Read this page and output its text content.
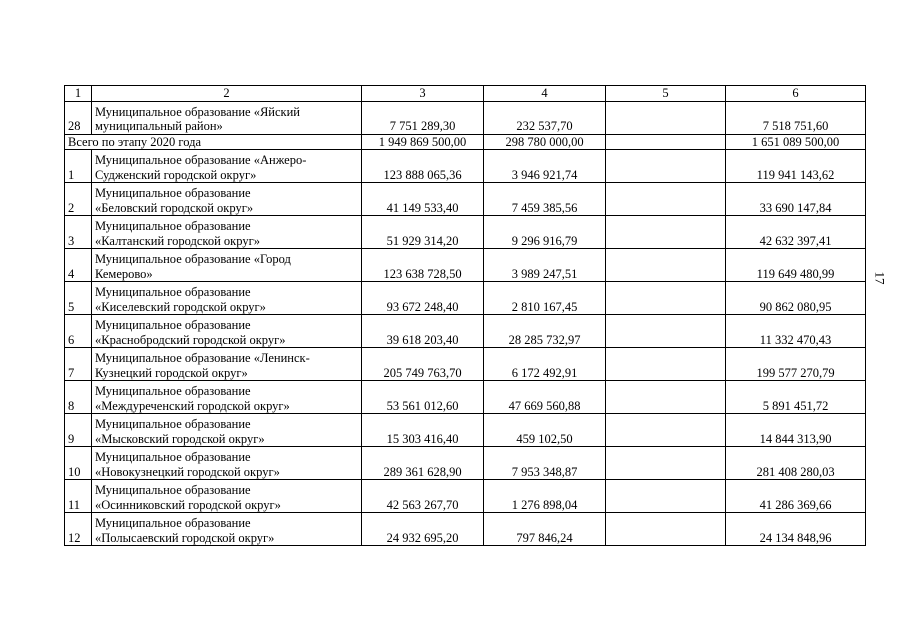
1	2	3	4	5	6
28	Муниципальное образование «Яйский
муниципальный район»	7 751 289,30	232 537,70		7 518 751,60
Всего по этапу 2020 года		1 949 869 500,00	298 780 000,00		1 651 089 500,00
1	Муниципальное образование «Анжеро-
Судженский городской округ»	123 888 065,36	3 946 921,74		119 941 143,62
2	Муниципальное образование
«Беловский городской округ»	41 149 533,40	7 459 385,56		33 690 147,84
3	Муниципальное образование
«Калтанский городской округ»	51 929 314,20	9 296 916,79		42 632 397,41
4	Муниципальное образование «Город
Кемерово»	123 638 728,50	3 989 247,51		119 649 480,99
5	Муниципальное образование
«Киселевский городской округ»	93 672 248,40	2 810 167,45		90 862 080,95
6	Муниципальное образование
«Краснобродский городской округ»	39 618 203,40	28 285 732,97		11 332 470,43
7	Муниципальное образование «Ленинск-
Кузнецкий городской округ»	205 749 763,70	6 172 492,91		199 577 270,79
8	Муниципальное образование
«Междуреченский городской округ»	53 561 012,60	47 669 560,88		5 891 451,72
9	Муниципальное образование
«Мысковский городской округ»	15 303 416,40	459 102,50		14 844 313,90
10	Муниципальное образование
«Новокузнецкий городской округ»	289 361 628,90	7 953 348,87		281 408 280,03
11	Муниципальное образование
«Осинниковский городской округ»	42 563 267,70	1 276 898,04		41 286 369,66
12	Муниципальное образование
«Полысаевский городской округ»	24 932 695,20	797 846,24		24 134 848,96
17
